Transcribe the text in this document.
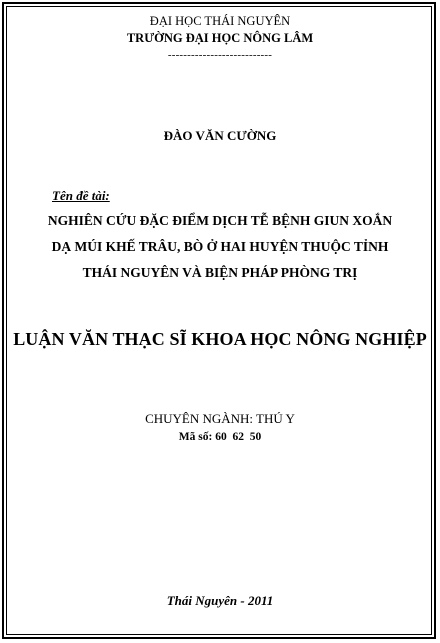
ĐẠI HỌC THÁI NGUYÊN
TRƯỜNG ĐẠI HỌC NÔNG LÂM
---------------------------
ĐÀO VĂN CƯỜNG
Tên đề tài:
NGHIÊN CỨU ĐẶC ĐIỂM DỊCH TỄ BỆNH GIUN XOẮN
DẠ MÚI KHẾ TRÂU, BÒ Ở HAI HUYỆN THUỘC TỈNH
THÁI NGUYÊN VÀ BIỆN PHÁP PHÒNG TRỊ
LUẬN VĂN THẠC SĨ KHOA HỌC NÔNG NGHIỆP
CHUYÊN NGÀNH: THÚ Y
Mã số: 60  62  50
Thái Nguyên - 2011
